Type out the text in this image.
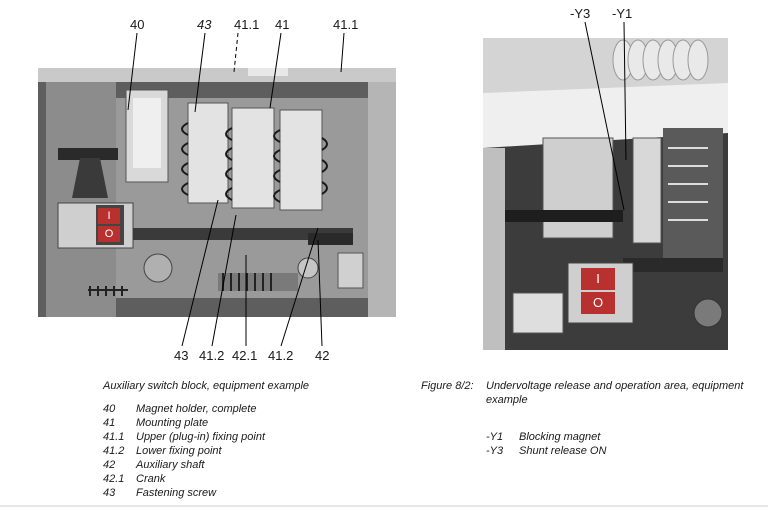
I
O
I
O
40	43 41.1 41	41.1
43 41.2 42.1 41.2 42
-Y3 -Y1
Auxiliary switch block, equipment example
40 Magnet holder, complete
41 Mounting plate
41.1 Upper (plug-in) fixing point
41.2 Lower fixing point
42 Auxiliary shaft
42.1 Crank
43 Fastening screw
Figure 8/2: Undervoltage release and operation area, equipment example
-Y1 Blocking magnet
-Y3 Shunt release ON
